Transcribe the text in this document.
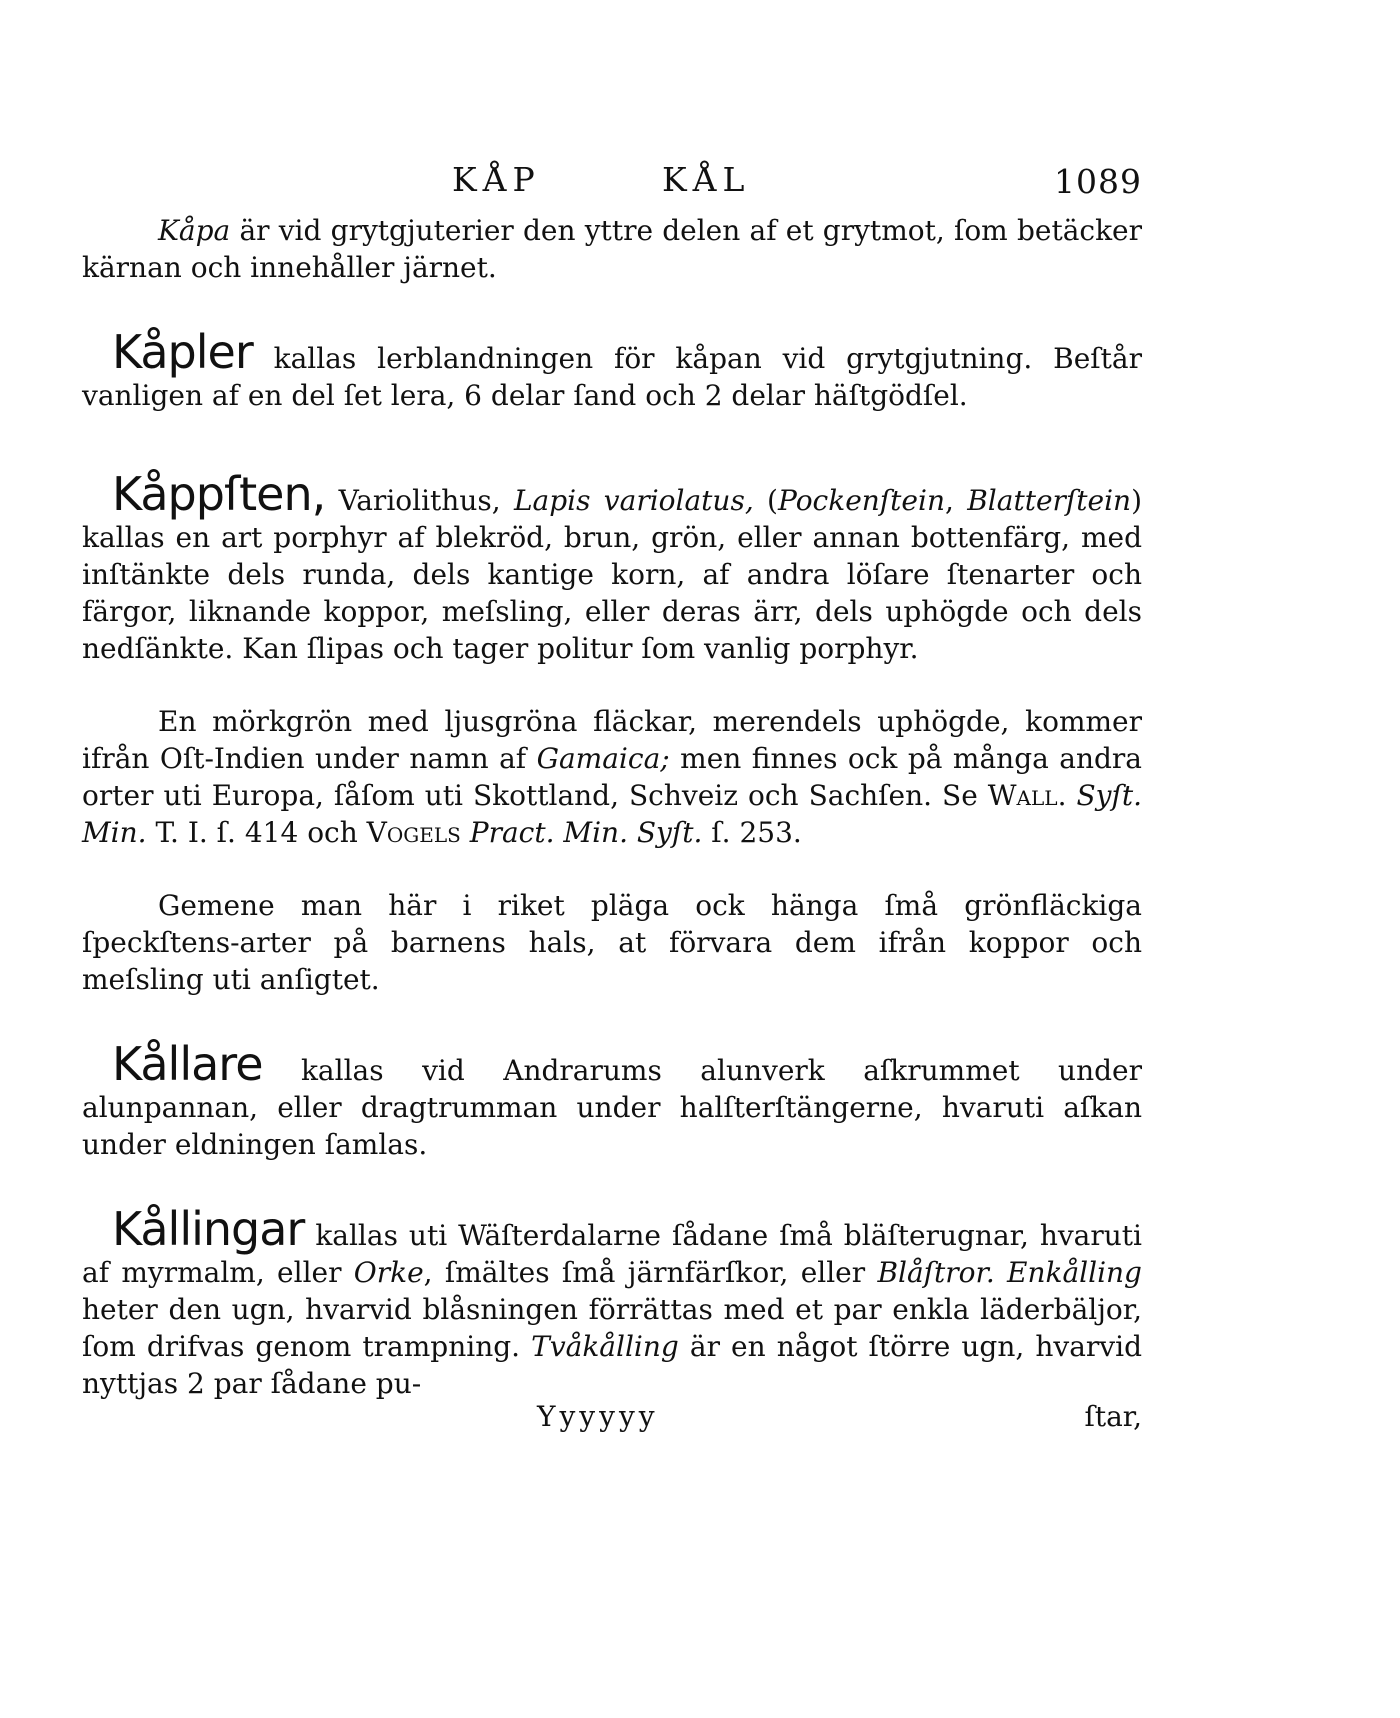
KÅP	KÅL	1089

Kåpa är vid grytgjuterier den yttre delen af et grytmot, ſom betäcker kärnan och innehåller järnet.

Kåpler kallas lerblandningen för kåpan vid grytgjutning. Beſtår vanligen af en del ſet lera, 6 delar ſand och 2 delar häſtgödſel.

Kåppſten, Variolithus, Lapis variolatus, (Pockenſtein, Blatterſtein) kallas en art porphyr af blekröd, brun, grön, eller annan bottenfärg, med inſtänkte dels runda, dels kantige korn, af andra löſare ſtenarter och färgor, liknande koppor, meſsling, eller deras ärr, dels uphögde och dels nedſänkte. Kan ſlipas och tager politur ſom vanlig porphyr.

En mörkgrön med ljusgröna fläckar, merendels uphögde, kommer ifrån Oſt-Indien under namn af Gamaica; men finnes ock på många andra orter uti Europa, ſåſom uti Skottland, Schveiz och Sachſen. Se Wall. Syſt. Min. T. I. ſ. 414 och Vogels Pract. Min. Syſt. ſ. 253.

Gemene man här i riket pläga ock hänga ſmå grönfläckiga ſpeckſtens-arter på barnens hals, at förvara dem ifrån koppor och meſsling uti anſigtet.

Kållare kallas vid Andrarums alunverk aſkrummet under alunpannan, eller dragtrumman under halſterſtängerne, hvaruti aſkan under eldningen ſamlas.

Kållingar kallas uti Wäſterdalarne ſådane ſmå bläſterugnar, hvaruti af myrmalm, eller Orke, ſmältes ſmå järnfärſkor, eller Blåſtror. Enkålling heter den ugn, hvarvid blåsningen förrättas med et par enkla läderbäljor, ſom drifvas genom trampning. Tvåkålling är en något ſtörre ugn, hvarvid nyttjas 2 par ſådane pu-

Yyyyyy	ſtar,
